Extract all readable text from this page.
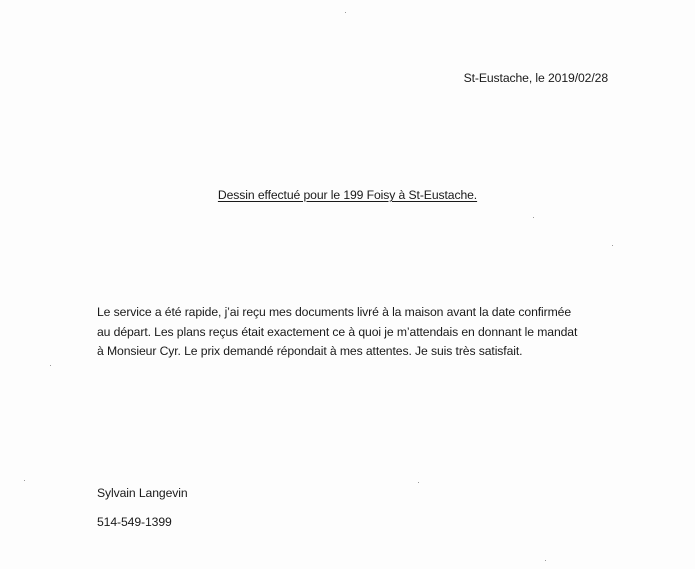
St-Eustache, le 2019/02/28
Dessin effectué pour le 199 Foisy à St-Eustache.

Le service a été rapide, j’ai reçu mes documents livré à la maison avant la date confirmée au départ. Les plans reçus était exactement ce à quoi je m’attendais en donnant le mandat à Monsieur Cyr. Le prix demandé répondait à mes attentes. Je suis très satisfait.

Sylvain Langevin
514-549-1399
